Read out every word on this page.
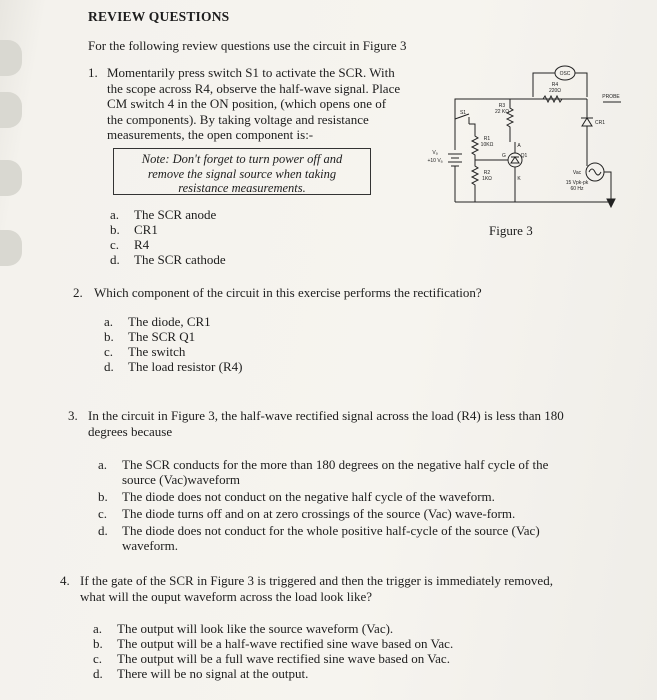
REVIEW QUESTIONS
For the following review questions use the circuit in Figure 3
1. Momentarily press switch S1 to activate the SCR. With
the scope across R4, observe the half-wave signal. Place
CM switch 4 in the ON position, (which opens one of
the components). By taking voltage and resistance
measurements, the open component is:-
Note: Don't forget to turn power off and
remove the signal source when taking
resistance measurements.
a.	The SCR anode
b.	CR1
c.	R4
d.	The SCR cathode
OSC
PROBE
R4
220Ω
R3
22 KΩ
CR1
S1
R1
10KΩ
R2
1KΩ
Vₐ
+10 Vₐ
Q1
G
A
K
Vac
15 Vpk-pk
60 Hz
Figure 3
2. Which component of the circuit in this exercise performs the rectification?
a.	The diode, CR1
b.	The SCR Q1
c.	The switch
d.	The load resistor (R4)
3. In the circuit in Figure 3, the half-wave rectified signal across the load (R4) is less than 180
degrees because
a.	The SCR conducts for the more than 180 degrees on the negative half cycle of the
source (Vac)waveform
b.	The diode does not conduct on the negative half cycle of the waveform.
c.	The diode turns off and on at zero crossings of the source (Vac) wave-form.
d.	The diode does not conduct for the whole positive half-cycle of the source (Vac)
waveform.
4. If the gate of the SCR in Figure 3 is triggered and then the trigger is immediately removed,
what will the ouput waveform across the load look like?
a.	The output will look like the source waveform (Vac).
b.	The output will be a half-wave rectified sine wave based on Vac.
c.	The output will be a full wave rectified sine wave based on Vac.
d.	There will be no signal at the output.
